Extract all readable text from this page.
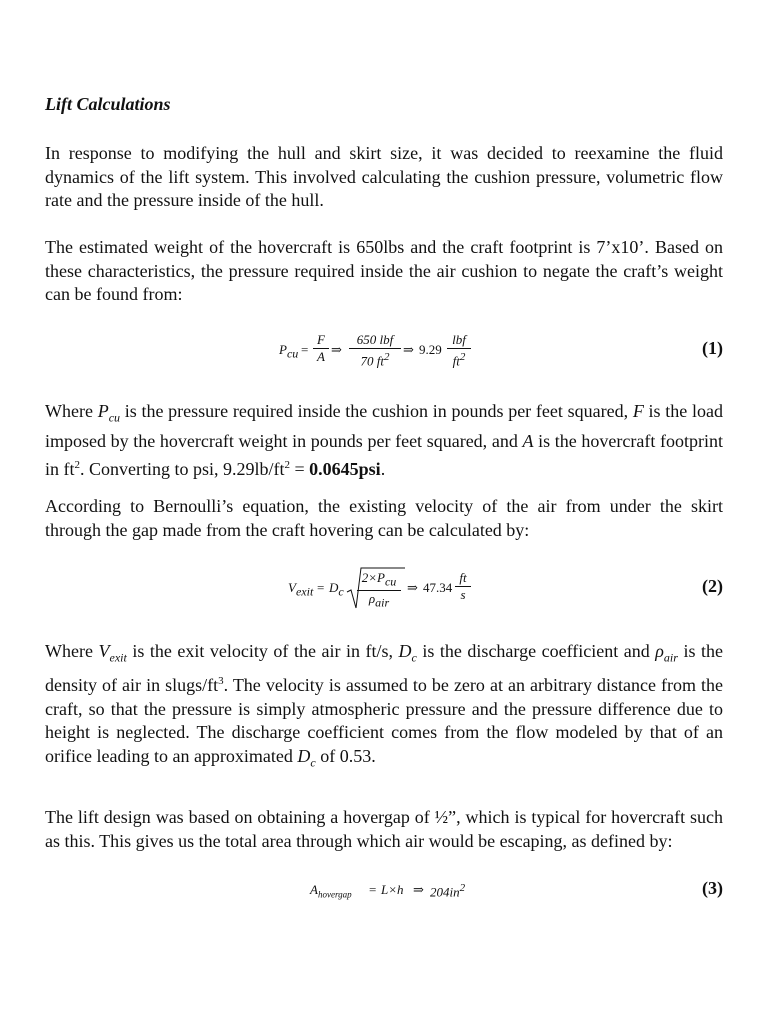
Lift Calculations
In response to modifying the hull and skirt size, it was decided to reexamine the fluid dynamics of the lift system. This involved calculating the cushion pressure, volumetric flow rate and the pressure inside of the hull.
The estimated weight of the hovercraft is 650lbs and the craft footprint is 7’x10’. Based on these characteristics, the pressure required inside the air cushion to negate the craft’s weight can be found from:
$P_{cu} = \frac{F}{A}$ ⇒
650 lbf
70 $ft^2$	⇒ 9.29
lbf
$ft^2$	(1)
Where $P_{cu}$ is the pressure required inside the cushion in pounds per feet squared, F is the load imposed by the hovercraft weight in pounds per feet squared, and A is the hovercraft footprint in $ft^2$. Converting to psi, $9.29lb/ft^2 = 0.0645psi$.
According to Bernoulli’s equation, the existing velocity of the air from under the skirt through the gap made from the craft hovering can be calculated by:
$V_{exit} = D_c$
$2\times P_{cu}$
$\rho_{air}$
⇒ $47.34 \frac{ft}{s}$	(2)
Where $V_{exit}$ is the exit velocity of the air in ft/s, $D_c$ is the discharge coefficient and $\rho_{air}$ is the density of air in slugs/$ft^3$. The velocity is assumed to be zero at an arbitrary distance from the craft, so that the pressure is simply atmospheric pressure and the pressure difference due to height is neglected. The discharge coefficient comes from the flow modeled by that of an orifice leading to an approximated $D_c$ of 0.53.
The lift design was based on obtaining a hovergap of ½”, which is typical for hovercraft such as this. This gives us the total area through which air would be escaping, as defined by:
$A_{hovergap} = L\times h$ ⇒ $204in^2$	(3)
